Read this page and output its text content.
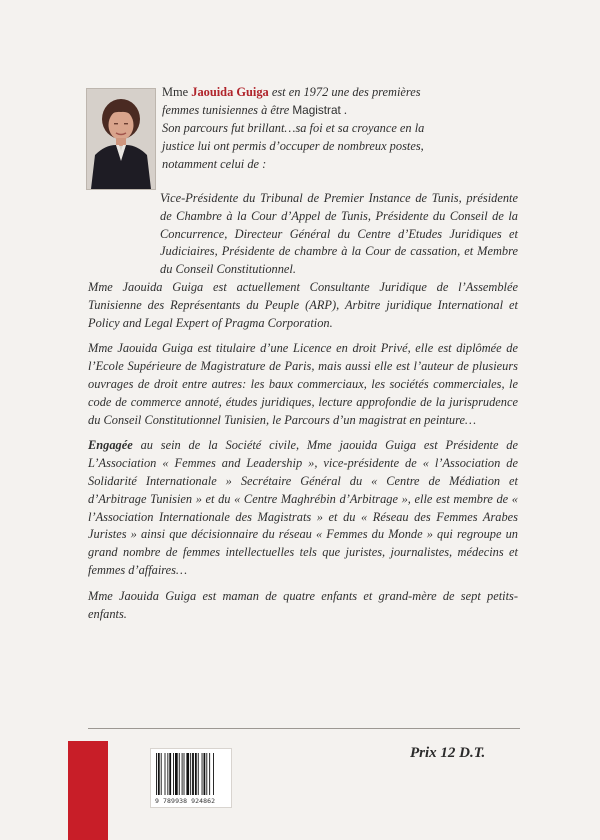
Mme Jaouida Guiga est en 1972 une des premières

femmes tunisiennes à être Magistrat .

Son parcours fut brillant…sa foi et sa croyance en la

justice lui ont permis d’occuper de nombreux postes,

notamment celui de :

Vice-Présidente du Tribunal de Premier Instance de Tunis, présidente de Chambre à la Cour d’Appel de Tunis, Présidente du Conseil de la Concurrence, Directeur Général du Centre d’Etudes Juridiques et Judiciaires, Présidente de chambre à la Cour de cassation, et Membre du Conseil Constitutionnel.

Mme Jaouida Guiga est actuellement Consultante Juridique de l’Assemblée Tunisienne des Représentants du Peuple (ARP), Arbitre juridique International et Policy and Legal Expert of Pragma Corporation.

Mme Jaouida Guiga est titulaire d’une Licence en droit Privé, elle est diplômée de l’Ecole Supérieure de Magistrature de Paris, mais aussi elle est l’auteur de plusieurs ouvrages de droit entre autres: les baux commerciaux, les sociétés commerciales, le code de commerce annoté, études juridiques, lecture approfondie de la jurisprudence du Conseil Constitutionnel Tunisien, le Parcours d’un magistrat en peinture…

Engagée au sein de la Société civile, Mme jaouida Guiga est Présidente de L’Association « Femmes and Leadership », vice-présidente de « l’Association de Solidarité Internationale » Secrétaire Général du « Centre de Médiation et d’Arbitrage Tunisien » et du « Centre Maghrébin d’Arbitrage », elle est membre de « l’Association Internationale des Magistrats » et du « Réseau des Femmes Arabes Juristes » ainsi que décisionnaire du réseau « Femmes du Monde » qui regroupe un grand nombre de femmes intellectuelles tels que juristes, journalistes, médecins et femmes d’affaires…

Mme Jaouida Guiga est maman de quatre enfants et grand-mère de sept petits-enfants.

9 789938 924862
Prix 12 D.T.
